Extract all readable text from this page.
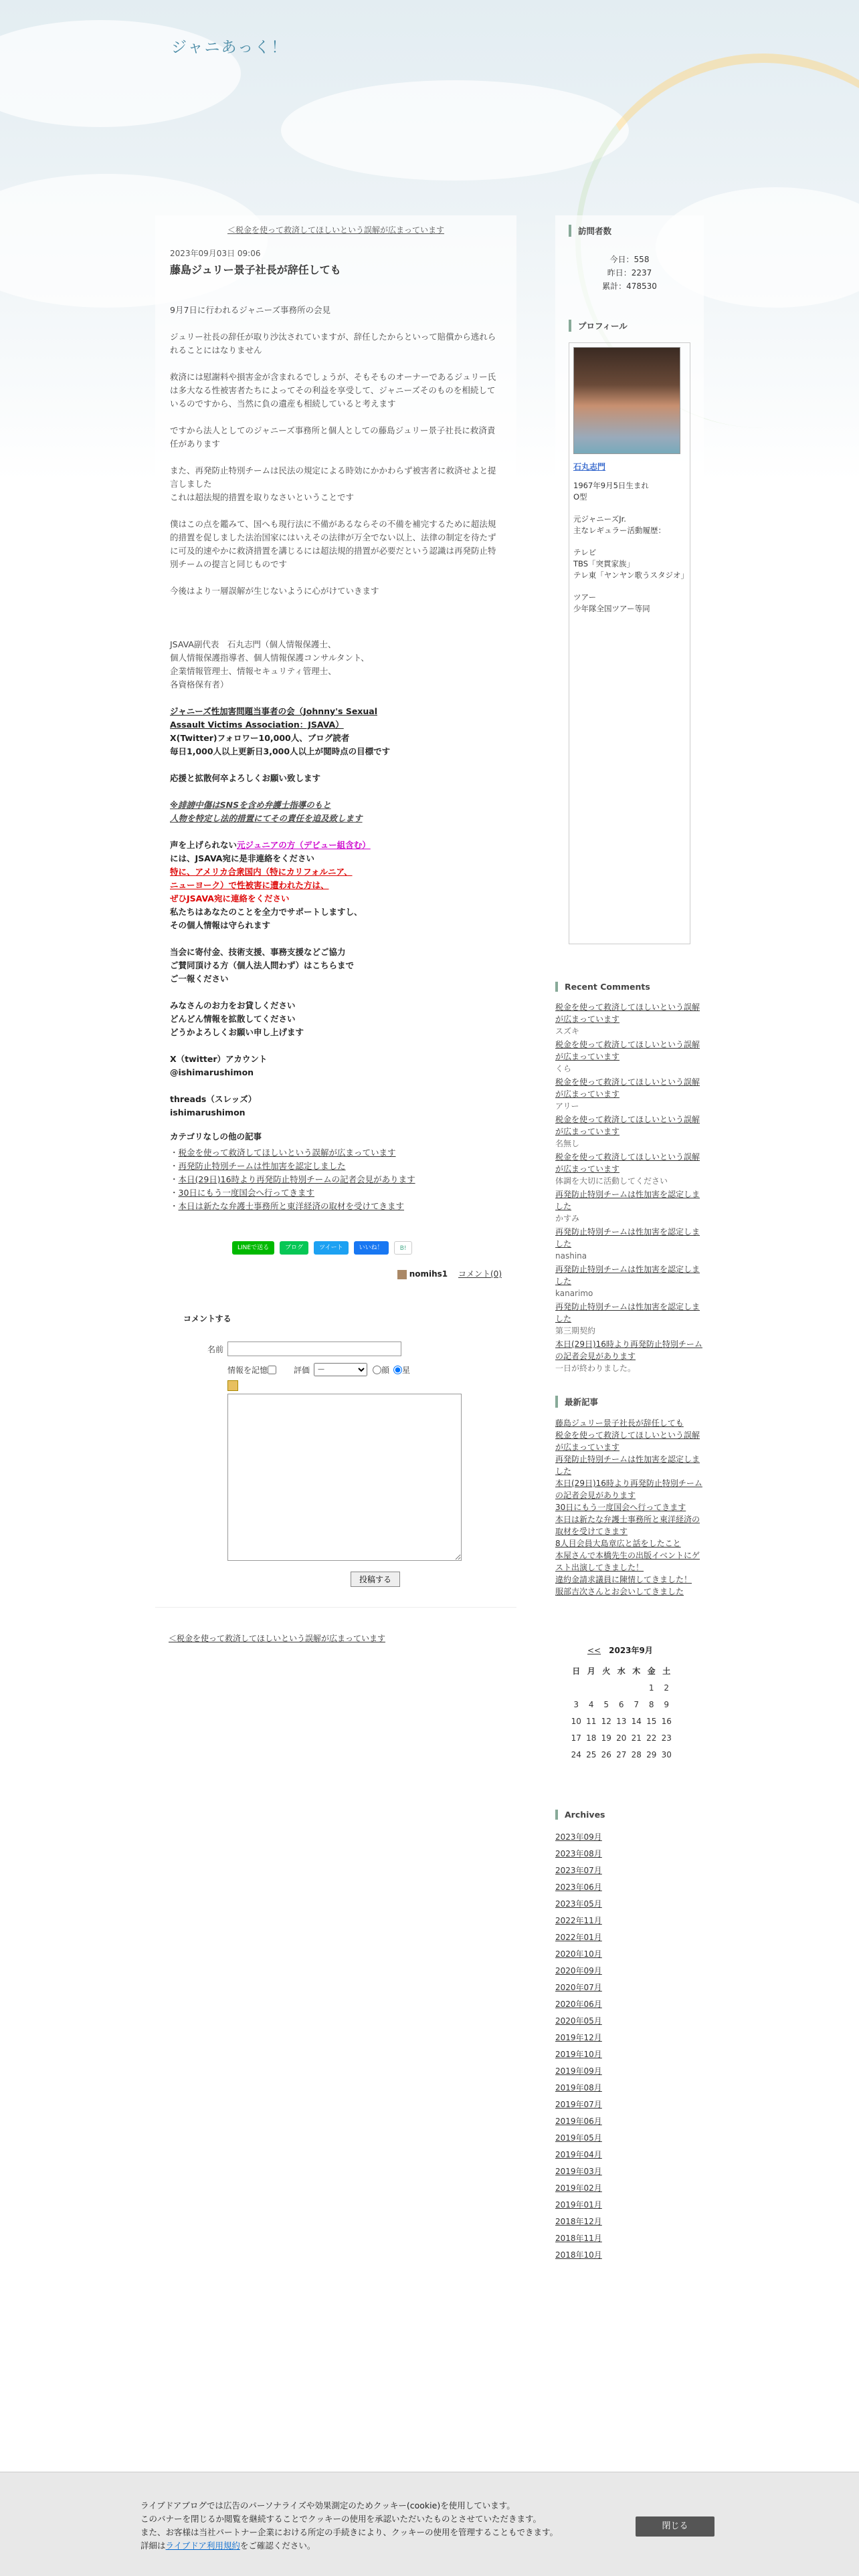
ジャニあっく！
＜税金を使って救済してほしいという誤解が広まっています
2023年09月03日 09:06
藤島ジュリー景子社長が辞任しても

9月7日に行われるジャニーズ事務所の会見

ジュリー社長の辞任が取り沙汰されていますが、辞任したからといって賠償から逃れられることにはなりません

救済には慰謝料や損害金が含まれるでしょうが、そもそものオーナーであるジュリー氏は多大なる性被害者たちによってその利益を享受して、ジャニーズそのものを相続しているのですから、当然に負の遺産も相続していると考えます

ですから法人としてのジャニーズ事務所と個人としての藤島ジュリー景子社長に救済責任があります

また、再発防止特別チームは民法の規定による時効にかかわらず被害者に救済せよと提言しました
これは超法規的措置を取りなさいということです

僕はこの点を鑑みて、国へも現行法に不備があるならその不備を補完するために超法規的措置を促しました法治国家にはいえその法律が万全でない以上、法律の制定を待たずに可及的速やかに救済措置を講じるには超法規的措置が必要だという認識は再発防止特別チームの提言と同じものです

今後はより一層誤解が生じないように心がけていきます

JSAVA副代表　石丸志門（個人情報保護士、
個人情報保護指導者、個人情報保護コンサルタント、
企業情報管理士、情報セキュリティ管理士、
各資格保有者）

ジャニーズ性加害問題当事者の会（Johnny's Sexual
Assault Victims Association：JSAVA）
X(Twitter)フォロワー10,000人、ブログ読者
毎日1,000人以上更新日3,000人以上が閲時点の目標です

応援と拡散何卒よろしくお願い致します

※誹謗中傷はSNSを含め弁護士指導のもと
人物を特定し法的措置にてその責任を追及致します

声を上げられない元ジュニアの方（デビュー組含む）
には、JSAVA宛に是非連絡をください
特に、アメリカ合衆国内（特にカリフォルニア、
ニューヨーク）で性被害に遭われた方は、
ぜひJSAVA宛に連絡をください
私たちはあなたのことを全力でサポートしますし、
その個人情報は守られます

当会に寄付金、技術支援、事務支援などご協力
ご賛同頂ける方（個人法人問わず）はこちらまで
ご一報ください

みなさんのお力をお貸しください
どんどん情報を拡散してください
どうかよろしくお願い申し上げます

X（twitter）アカウント
@ishimarushimon

threads（スレッズ）
ishimarushimon

カテゴリなしの他の記事

・税金を使って救済してほしいという誤解が広まっています
・再発防止特別チームは性加害を認定しました
・本日(29日)16時より再発防止特別チームの記者会見があります
・30日にもう一度国会へ行ってきます
・本日は新たな弁護士事務所と東洋経済の取材を受けてきます
LINEで送る	ブログ	ツイート	いいね！	B!
nomihs1 　 コメント(0)
コメントする
名前
情報を記憶	評価
－	顔 星
投稿する
＜税金を使って救済してほしいという誤解が広まっています
訪問者数
今日：558
昨日：2237
累計：478530
プロフィール
石丸志門
1967年9月5日生まれ
O型
元ジャニーズJr.
主なレギュラー活動履歴：
テレビ
TBS「突貫家族」
テレ東「ヤンヤン歌うスタジオ」
ツアー
少年隊全国ツアー等同
Recent Comments
税金を使って救済してほしいという誤解が広まっています
スズキ
税金を使って救済してほしいという誤解が広まっています
くら
税金を使って救済してほしいという誤解が広まっています
アリー
税金を使って救済してほしいという誤解が広まっています
名無し
税金を使って救済してほしいという誤解が広まっています
体調を大切に活動してください
再発防止特別チームは性加害を認定しました
かすみ
再発防止特別チームは性加害を認定しました
nashina
再発防止特別チームは性加害を認定しました
kanarimo
再発防止特別チームは性加害を認定しました
第三期契約
本日(29日)16時より再発防止特別チームの記者会見があります
一日が終わりました。
最新記事
藤島ジュリー景子社長が辞任しても
税金を使って救済してほしいという誤解が広まっています
再発防止特別チームは性加害を認定しました
本日(29日)16時より再発防止特別チームの記者会見があります
30日にもう一度国会へ行ってきます
本日は新たな弁護士事務所と東洋経済の取材を受けてきます
8人目会員大島章広と話をしたこと
本屋さんで本橋先生の出版イベントにゲスト出演してきました！
違約金請求議員に陳情してきました！
服部吉次さんとお会いしてきました
<<　 2023年9月
日	月	火	水	木	金	土
					1	2
3	4	5	6	7	8	9
10	11	12	13	14	15	16
17	18	19	20	21	22	23
24	25	26	27	28	29	30
Archives
2023年09月
2023年08月
2023年07月
2023年06月
2023年05月
2022年11月
2022年01月
2020年10月
2020年09月
2020年07月
2020年06月
2020年05月
2019年12月
2019年10月
2019年09月
2019年08月
2019年07月
2019年06月
2019年05月
2019年04月
2019年03月
2019年02月
2019年01月
2018年12月
2018年11月
2018年10月
ライブドアブログでは広告のパーソナライズや効果測定のためクッキー(cookie)を使用しています。
このバナーを閉じるか閲覧を継続することでクッキーの使用を承認いただいたものとさせていただきます。
また、お客様は当社パートナー企業における所定の手続きにより、クッキーの使用を管理することもできます。
詳細はライブドア利用規約をご確認ください。
閉じる
